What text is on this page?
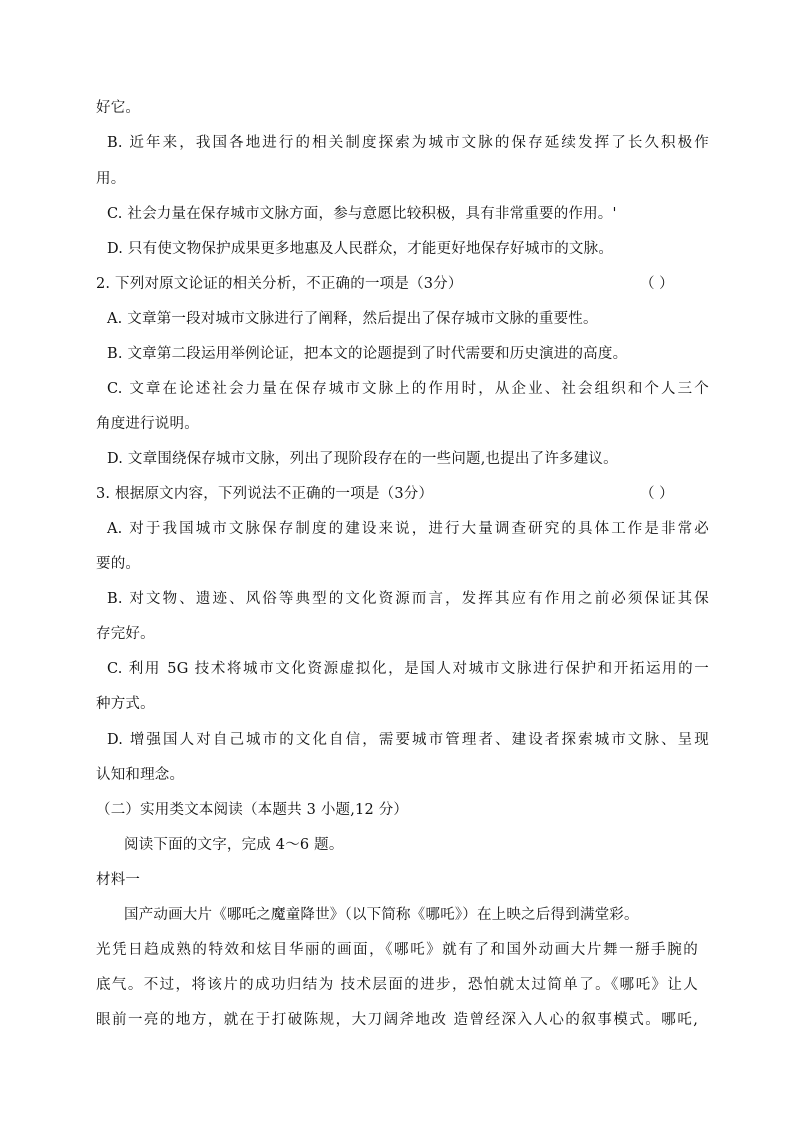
好它。
B. 近年来，我国各地进行的相关制度探索为城市文脉的保存延续发挥了长久积极作
用。
C. 社会力量在保存城市文脉方面，参与意愿比较积极，具有非常重要的作用。'
D. 只有使文物保护成果更多地惠及人民群众，才能更好地保存好城市的文脉。
2. 下列对原文论证的相关分析，不正确的一项是（3分）	（ ）
A. 文章第一段对城市文脉进行了阐释，然后提出了保存城市文脉的重要性。
B. 文章第二段运用举例论证，把本文的论题提到了时代需要和历史演进的高度。
C. 文章在论述社会力量在保存城市文脉上的作用时，从企业、社会组织和个人三个
角度进行说明。
D. 文章围绕保存城市文脉，列出了现阶段存在的一些问题,也提出了许多建议。
3. 根据原文内容，下列说法不正确的一项是（3分）	（ ）
A. 对于我国城市文脉保存制度的建设来说，进行大量调查研究的具体工作是非常必
要的。
B. 对文物、遗迹、风俗等典型的文化资源而言，发挥其应有作用之前必须保证其保
存完好。
C. 利用 5G 技术将城市文化资源虚拟化，是国人对城市文脉进行保护和开拓运用的一
种方式。
D. 增强国人对自己城市的文化自信，需要城市管理者、建设者探索城市文脉、呈现
认知和理念。
（二）实用类文本阅读（本题共 3 小题,12 分）
阅读下面的文字，完成 4～6 题。
材料一
国产动画大片《哪吒之魔童降世》（以下简称《哪吒》）在上映之后得到满堂彩。
光凭日趋成熟的特效和炫目华丽的画面，《哪吒》就有了和国外动画大片舞一掰手腕的
底气。不过，将该片的成功归结为 技术层面的进步，恐怕就太过简单了。《哪吒》让人
眼前一亮的地方，就在于打破陈规，大刀阔斧地改 造曾经深入人心的叙事模式。哪吒,
